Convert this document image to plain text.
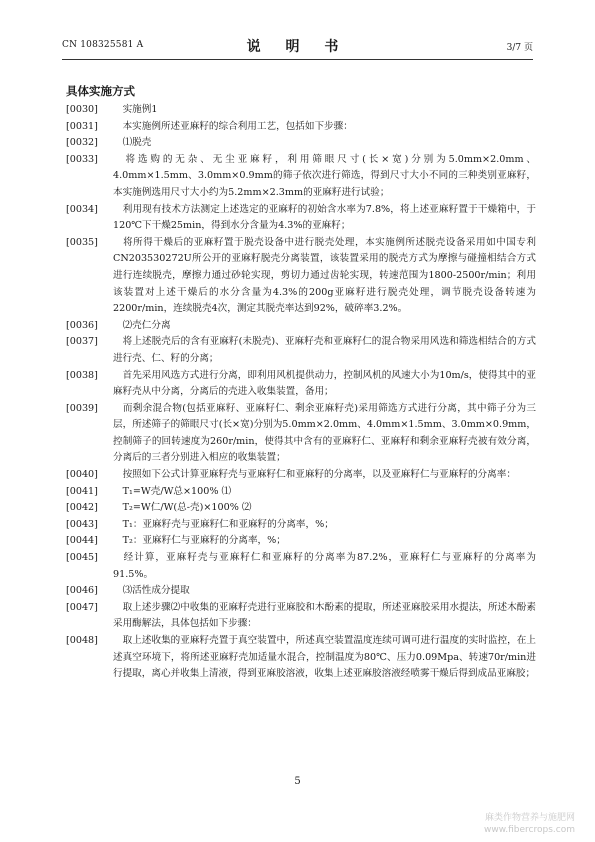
CN 108325581 A	说 明 书	3/7 页
具体实施方式
[0030]	　实施例1
[0031]	　本实施例所述亚麻籽的综合利用工艺，包括如下步骤：
[0032]	　⑴脱壳
[0033]	　将选购的无杂、无尘亚麻籽，利用筛眼尺寸(长×宽)分别为5.0mm×2.0mm、4.0mm×1.5mm、3.0mm×0.9mm的筛子依次进行筛选，得到尺寸大小不同的三种类别亚麻籽，本实施例选用尺寸大小约为5.2mm×2.3mm的亚麻籽进行试验；
[0034]	　利用现有技术方法测定上述选定的亚麻籽的初始含水率为7.8%，将上述亚麻籽置于干燥箱中，于120℃下干燥25min，得到水分含量为4.3%的亚麻籽；
[0035]	　将所得干燥后的亚麻籽置于脱壳设备中进行脱壳处理，本实施例所述脱壳设备采用如中国专利CN203530272U所公开的亚麻籽脱壳分离装置，该装置采用的脱壳方式为摩擦与碰撞相结合方式进行连续脱壳，摩擦力通过砂轮实现，剪切力通过齿轮实现，转速范围为1800-2500r/min；利用该装置对上述干燥后的水分含量为4.3%的200g亚麻籽进行脱壳处理，调节脱壳设备转速为2200r/min，连续脱壳4次，测定其脱壳率达到92%，破碎率3.2%。
[0036]	　⑵壳仁分离
[0037]	　将上述脱壳后的含有亚麻籽(未脱壳)、亚麻籽壳和亚麻籽仁的混合物采用风选和筛选相结合的方式进行壳、仁、籽的分离；
[0038]	　首先采用风选方式进行分离，即利用风机提供动力，控制风机的风速大小为10m/s，使得其中的亚麻籽壳从中分离，分离后的壳进入收集装置，备用；
[0039]	　而剩余混合物(包括亚麻籽、亚麻籽仁、剩余亚麻籽壳)采用筛选方式进行分离，其中筛子分为三层，所述筛子的筛眼尺寸(长×宽)分别为5.0mm×2.0mm、4.0mm×1.5mm、3.0mm×0.9mm，控制筛子的回转速度为260r/min，使得其中含有的亚麻籽仁、亚麻籽和剩余亚麻籽壳被有效分离，分离后的三者分别进入相应的收集装置；
[0040]	　按照如下公式计算亚麻籽壳与亚麻籽仁和亚麻籽的分离率，以及亚麻籽仁与亚麻籽的分离率：
[0041]	　T₁=W壳/W总×100% ⑴
[0042]	　T₂=W仁/W(总-壳)×100% ⑵
[0043]	　T₁：亚麻籽壳与亚麻籽仁和亚麻籽的分离率，%；
[0044]	　T₂：亚麻籽仁与亚麻籽的分离率，%；
[0045]	　经计算，亚麻籽壳与亚麻籽仁和亚麻籽的分离率为87.2%，亚麻籽仁与亚麻籽的分离率为91.5%。
[0046]	　⑶活性成分提取
[0047]	　取上述步骤⑵中收集的亚麻籽壳进行亚麻胶和木酚素的提取，所述亚麻胶采用水提法，所述木酚素采用酶解法，具体包括如下步骤：
[0048]	　取上述收集的亚麻籽壳置于真空装置中，所述真空装置温度连续可调可进行温度的实时监控，在上述真空环境下，将所述亚麻籽壳加适量水混合，控制温度为80℃、压力0.09Mpa、转速70r/min进行提取，离心并收集上清液，得到亚麻胶溶液，收集上述亚麻胶溶液经喷雾干燥后得到成品亚麻胶；
5
麻类作物营养与施肥网
www.fibercrops.com
